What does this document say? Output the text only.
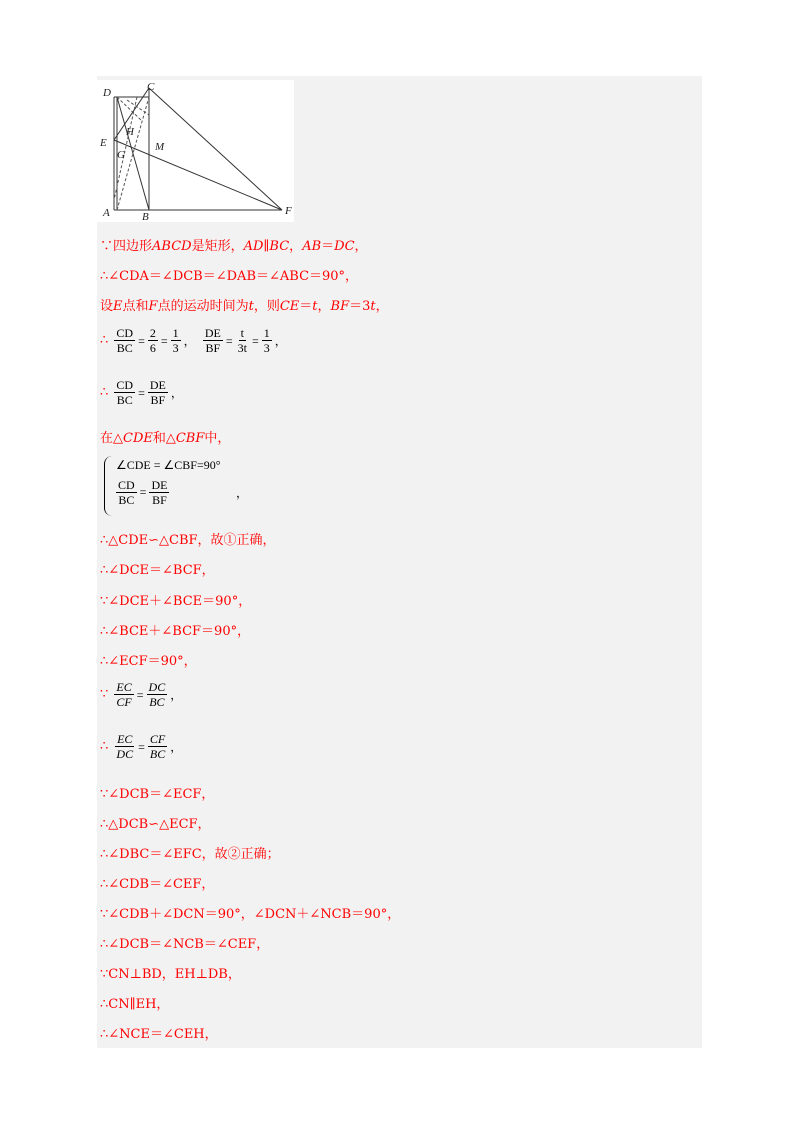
D	C
E
H
G
M
A	B	F
∵四边形ABCD是矩形，AD∥BC，AB＝DC，
∴∠CDA＝∠DCB＝∠DAB＝∠ABC＝90°，
设E点和F点的运动时间为t，则CE＝t，BF＝3t，
∴ $\frac{CD}{BC} = \frac{2}{6} = \frac{1}{3}$ ， $\frac{DE}{BF} = \frac{t}{3t} = \frac{1}{3}$ ，
∴ $\frac{CD}{BC} = \frac{DE}{BF}$ ，
在△CDE和△CBF中，
∠CDE = ∠CBF=90°
$\frac{CD}{BC} = \frac{DE}{BF}$	，
∴△CDE∽△CBF，故①正确，
∴∠DCE＝∠BCF，
∵∠DCE＋∠BCE＝90°，
∴∠BCE＋∠BCF＝90°，
∴∠ECF＝90°，
∵ $\frac{EC}{CF} = \frac{DC}{BC}$ ，
∴ $\frac{EC}{DC} = \frac{CF}{BC}$ ，
∵∠DCB＝∠ECF，
∴△DCB∽△ECF，
∴∠DBC＝∠EFC，故②正确；
∴∠CDB＝∠CEF，
∵∠CDB＋∠DCN＝90°，∠DCN＋∠NCB＝90°，
∴∠DCB＝∠NCB＝∠CEF，
∵CN⊥BD，EH⊥DB，
∴CN∥EH，
∴∠NCE＝∠CEH，
